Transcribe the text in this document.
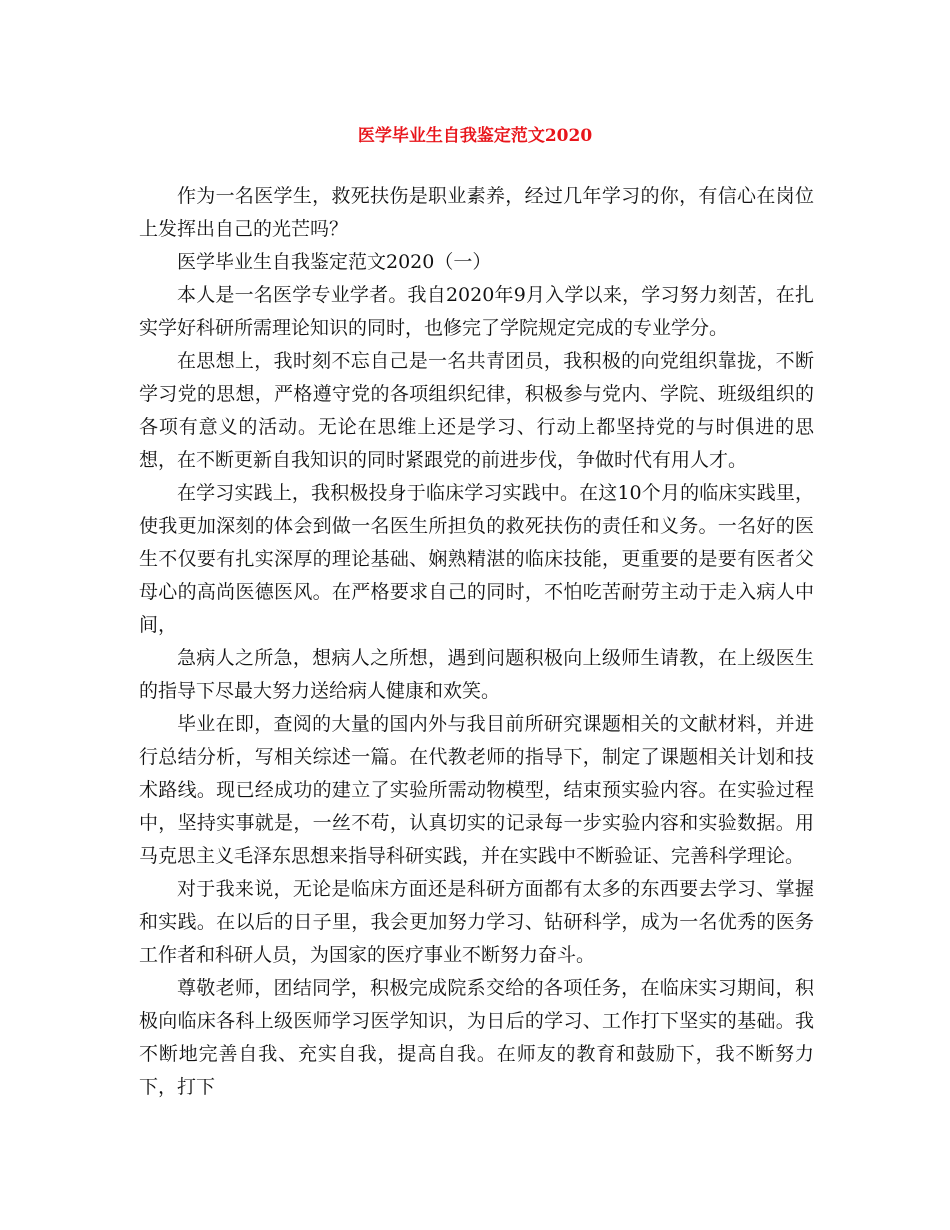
医学毕业生自我鉴定范文2020

作为一名医学生，救死扶伤是职业素养，经过几年学习的你，有信心在岗位上发挥出自己的光芒吗？

医学毕业生自我鉴定范文2020（一）

本人是一名医学专业学者。我自2020年9月入学以来，学习努力刻苦，在扎实学好科研所需理论知识的同时，也修完了学院规定完成的专业学分。

在思想上，我时刻不忘自己是一名共青团员，我积极的向党组织靠拢，不断学习党的思想，严格遵守党的各项组织纪律，积极参与党内、学院、班级组织的各项有意义的活动。无论在思维上还是学习、行动上都坚持党的与时俱进的思想，在不断更新自我知识的同时紧跟党的前进步伐，争做时代有用人才。

在学习实践上，我积极投身于临床学习实践中。在这10个月的临床实践里，使我更加深刻的体会到做一名医生所担负的救死扶伤的责任和义务。一名好的医生不仅要有扎实深厚的理论基础、娴熟精湛的临床技能，更重要的是要有医者父母心的高尚医德医风。在严格要求自己的同时，不怕吃苦耐劳主动于走入病人中间，

急病人之所急，想病人之所想，遇到问题积极向上级师生请教，在上级医生的指导下尽最大努力送给病人健康和欢笑。

毕业在即，查阅的大量的国内外与我目前所研究课题相关的文献材料，并进行总结分析，写相关综述一篇。在代教老师的指导下，制定了课题相关计划和技术路线。现已经成功的建立了实验所需动物模型，结束预实验内容。在实验过程中，坚持实事就是，一丝不苟，认真切实的记录每一步实验内容和实验数据。用马克思主义毛泽东思想来指导科研实践，并在实践中不断验证、完善科学理论。

对于我来说，无论是临床方面还是科研方面都有太多的东西要去学习、掌握和实践。在以后的日子里，我会更加努力学习、钻研科学，成为一名优秀的医务工作者和科研人员，为国家的医疗事业不断努力奋斗。

尊敬老师，团结同学，积极完成院系交给的各项任务，在临床实习期间，积极向临床各科上级医师学习医学知识，为日后的学习、工作打下坚实的基础。我不断地完善自我、充实自我，提高自我。在师友的教育和鼓励下，我不断努力下，打下
